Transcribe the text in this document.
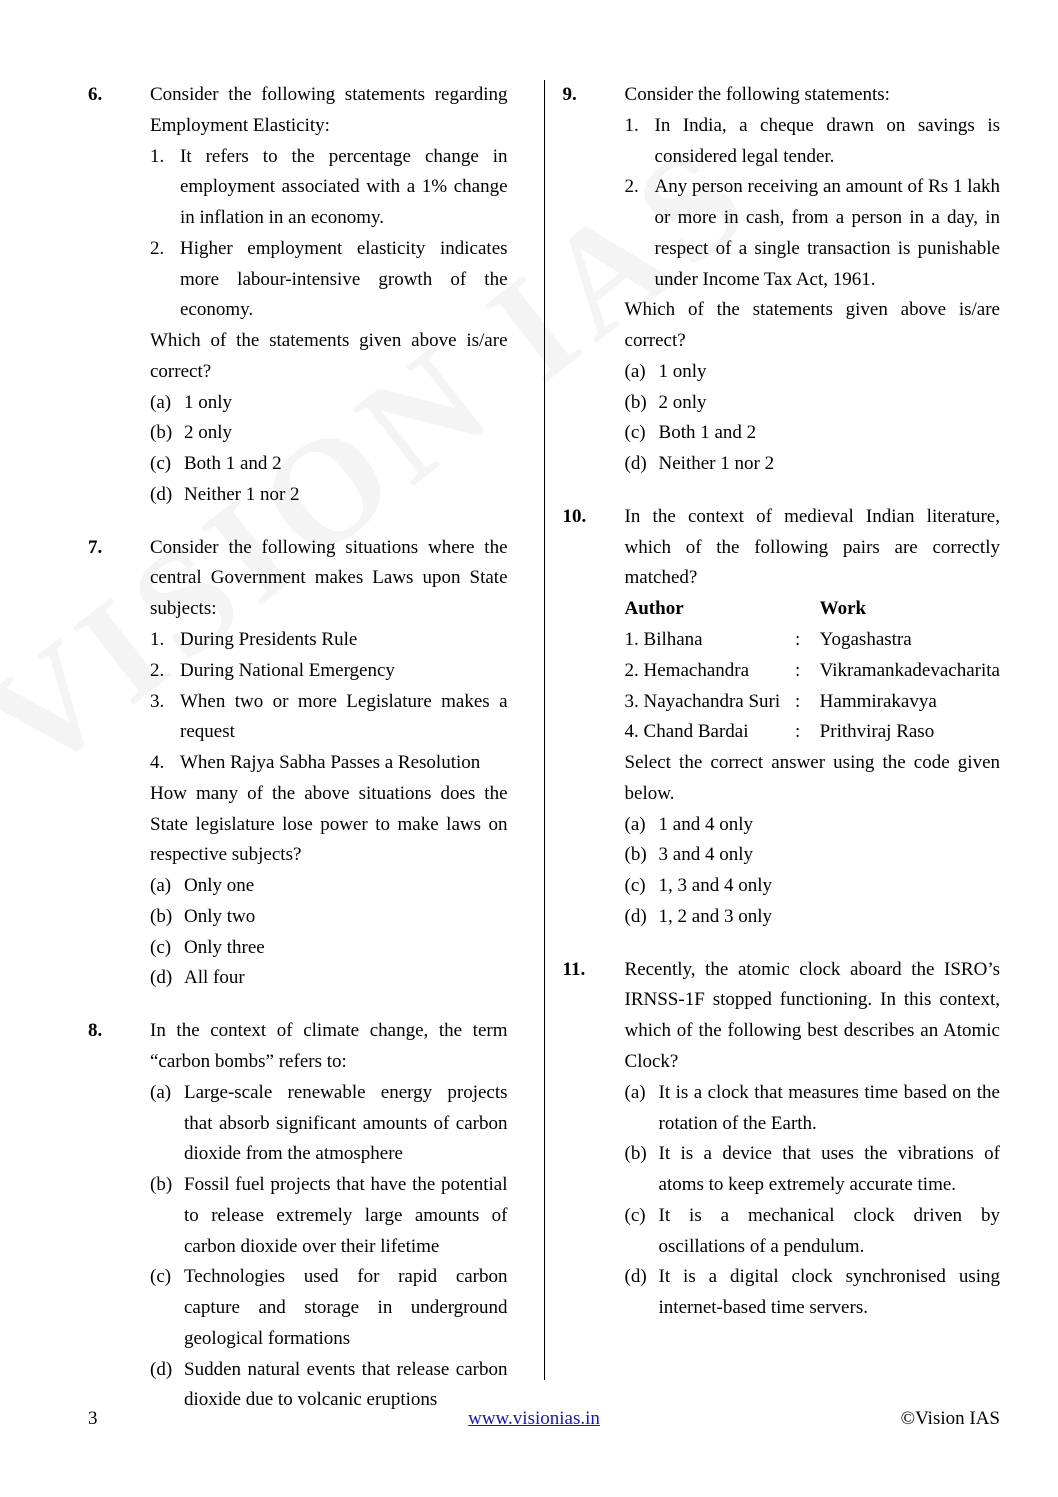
6.	Consider the following statements regarding Employment Elasticity:
1. It refers to the percentage change in employment associated with a 1% change in inflation in an economy.
2. Higher employment elasticity indicates more labour-intensive growth of the economy.
Which of the statements given above is/are correct?
(a) 1 only
(b) 2 only
(c) Both 1 and 2
(d) Neither 1 nor 2
7.	Consider the following situations where the central Government makes Laws upon State subjects:
1. During Presidents Rule
2. During National Emergency
3. When two or more Legislature makes a request
4. When Rajya Sabha Passes a Resolution
How many of the above situations does the State legislature lose power to make laws on respective subjects?
(a) Only one
(b) Only two
(c) Only three
(d) All four
8.	In the context of climate change, the term “carbon bombs” refers to:
(a) Large-scale renewable energy projects that absorb significant amounts of carbon dioxide from the atmosphere
(b) Fossil fuel projects that have the potential to release extremely large amounts of carbon dioxide over their lifetime
(c) Technologies used for rapid carbon capture and storage in underground geological formations
(d) Sudden natural events that release carbon dioxide due to volcanic eruptions
9.	Consider the following statements:
1. In India, a cheque drawn on savings is considered legal tender.
2. Any person receiving an amount of Rs 1 lakh or more in cash, from a person in a day, in respect of a single transaction is punishable under Income Tax Act, 1961.
Which of the statements given above is/are correct?
(a) 1 only
(b) 2 only
(c) Both 1 and 2
(d) Neither 1 nor 2
10.	In the context of medieval Indian literature, which of the following pairs are correctly matched?
Author		Work
1. Bilhana	:	Yogashastra
2. Hemachandra	:	Vikramankadevacharita
3. Nayachandra Suri	:	Hammirakavya
4. Chand Bardai	:	Prithviraj Raso
Select the correct answer using the code given below.
(a) 1 and 4 only
(b) 3 and 4 only
(c) 1, 3 and 4 only
(d) 1, 2 and 3 only
11.	Recently, the atomic clock aboard the ISRO’s IRNSS-1F stopped functioning. In this context, which of the following best describes an Atomic Clock?
(a) It is a clock that measures time based on the rotation of the Earth.
(b) It is a device that uses the vibrations of atoms to keep extremely accurate time.
(c) It is a mechanical clock driven by oscillations of a pendulum.
(d) It is a digital clock synchronised using internet-based time servers.
3	www.visionias.in	©Vision IAS
